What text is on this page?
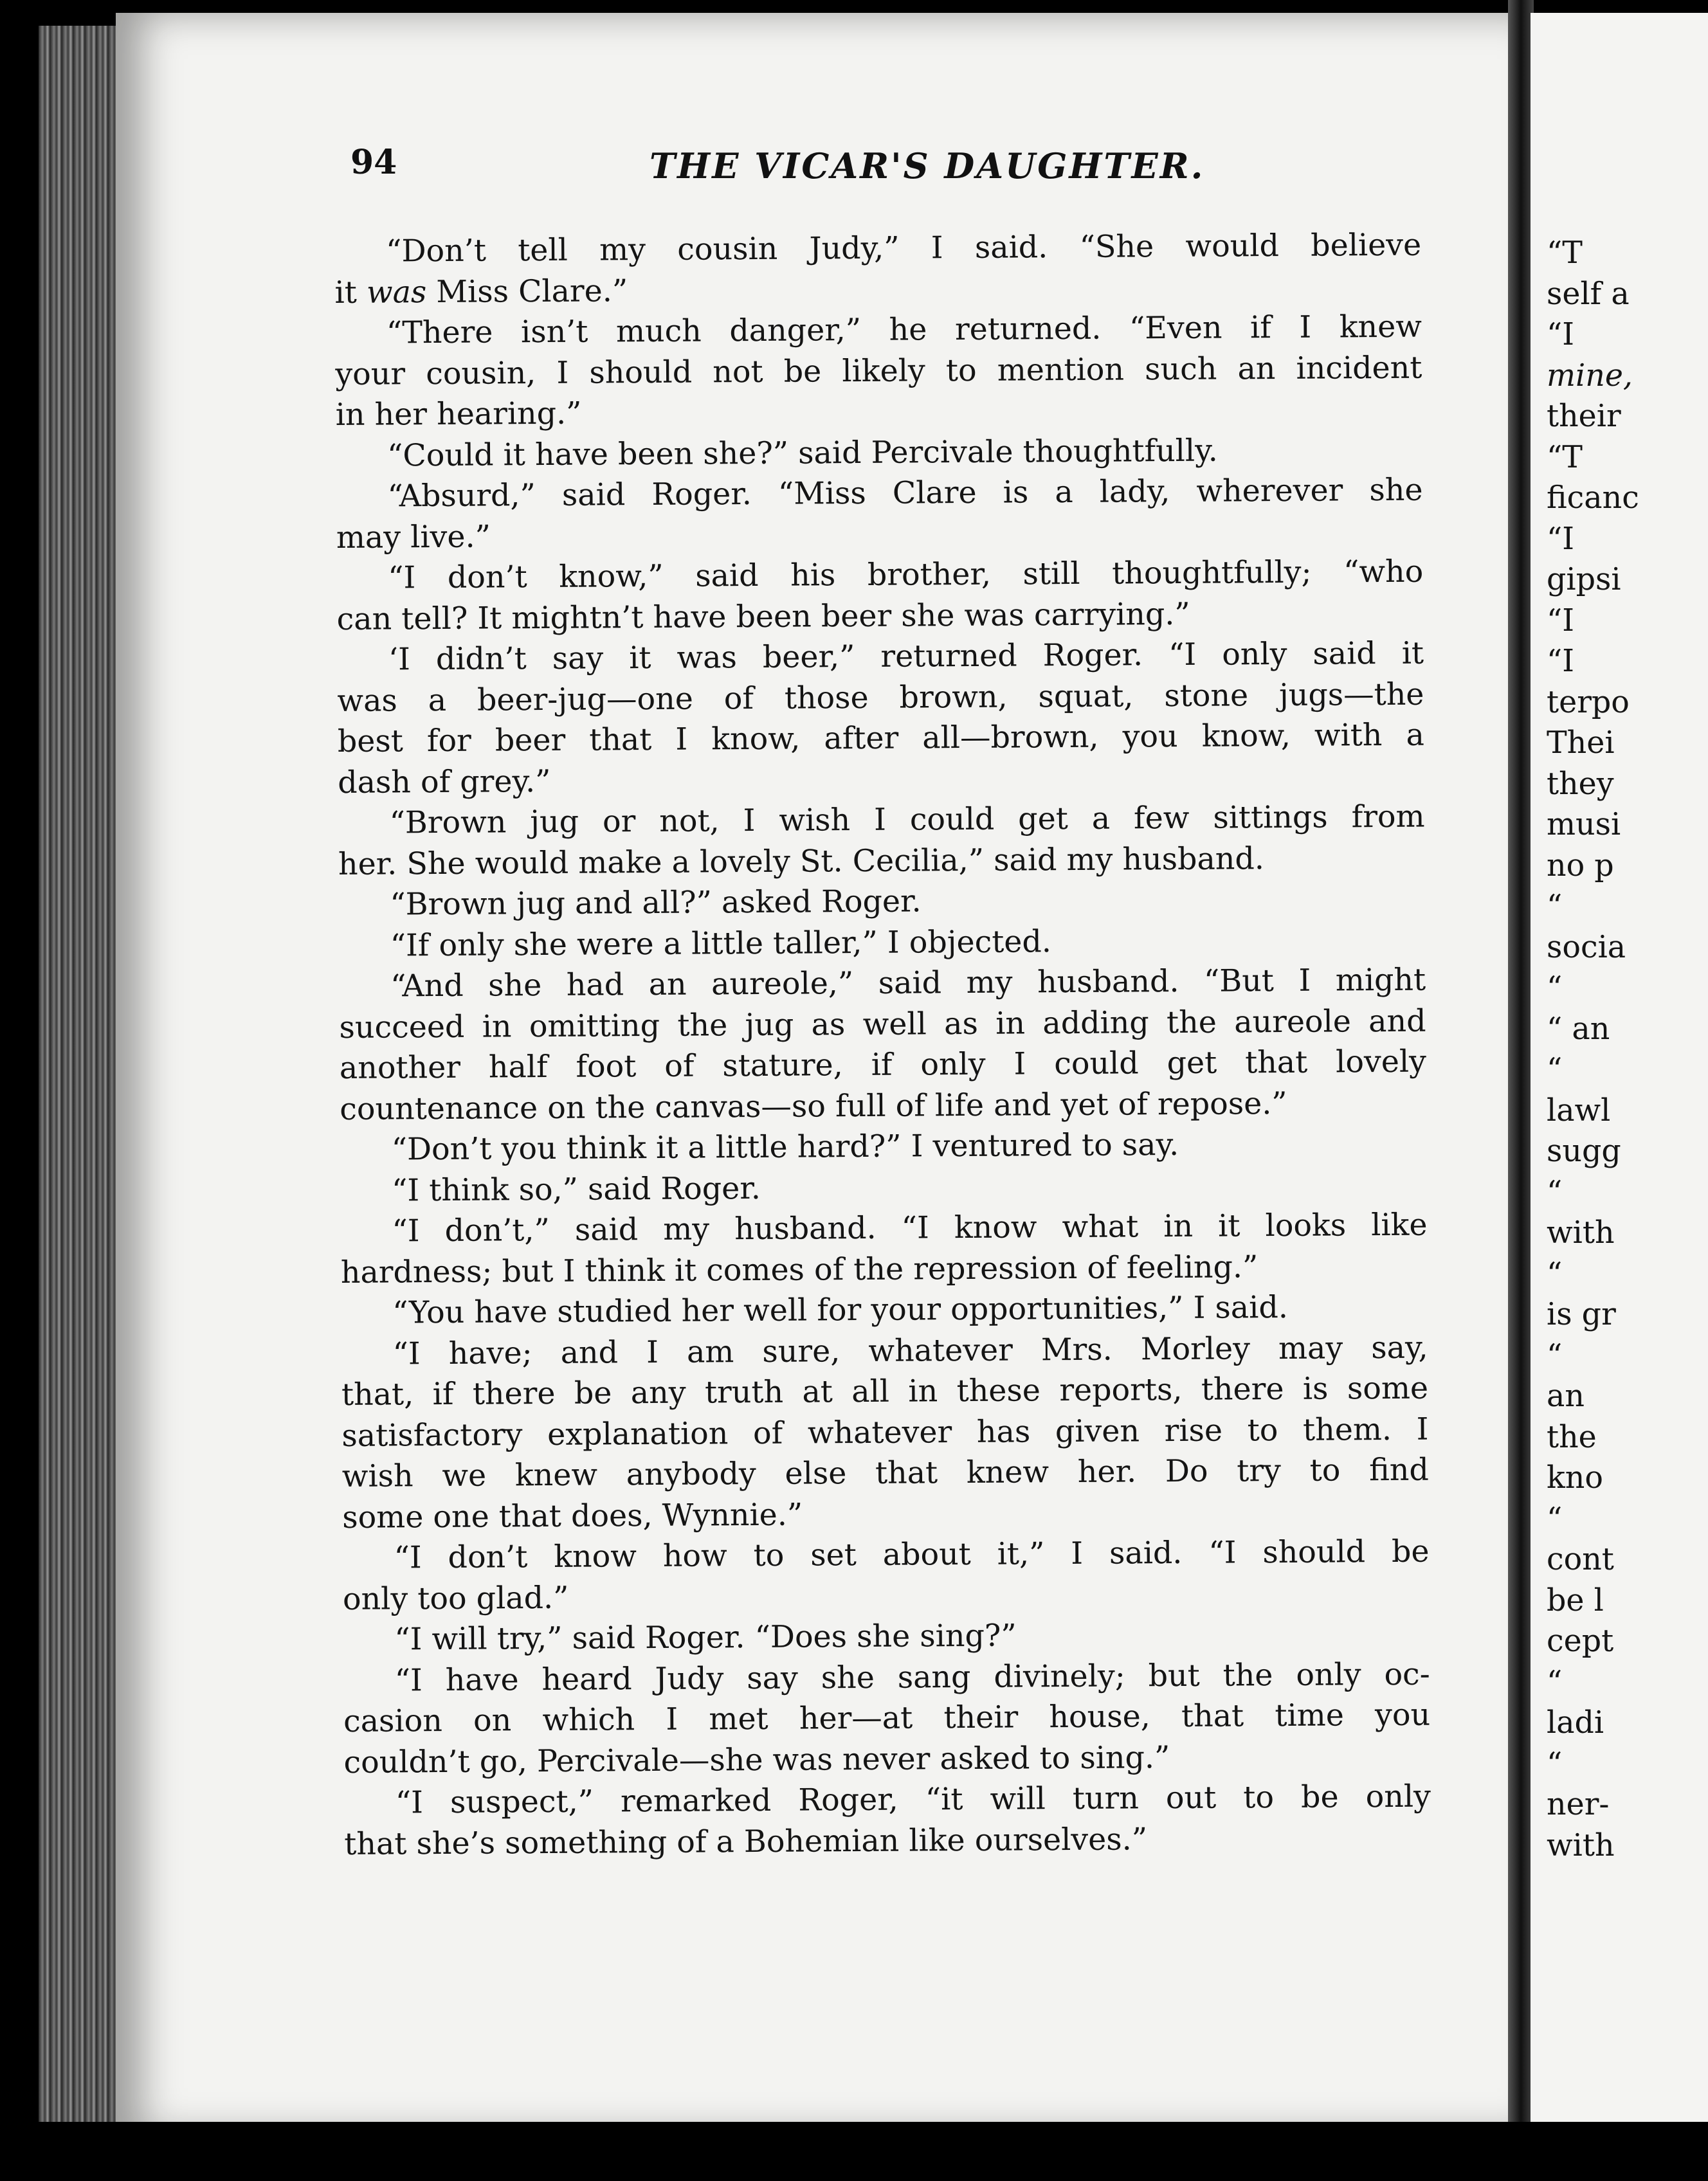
94	THE VICAR'S DAUGHTER.
“Don’t tell my cousin Judy,” I said. “She would believe
it was Miss Clare.”
“There isn’t much danger,” he returned. “Even if I knew
your cousin, I should not be likely to mention such an incident
in her hearing.”
“Could it have been she?” said Percivale thoughtfully.
“Absurd,” said Roger. “Miss Clare is a lady, wherever she
may live.”
“I don’t know,” said his brother, still thoughtfully; “who
can tell? It mightn’t have been beer she was carrying.”
‘I didn’t say it was beer,” returned Roger. “I only said it
was a beer-jug—one of those brown, squat, stone jugs—the
best for beer that I know, after all—brown, you know, with a
dash of grey.”
“Brown jug or not, I wish I could get a few sittings from
her. She would make a lovely St. Cecilia,” said my husband.
“Brown jug and all?” asked Roger.
“If only she were a little taller,” I objected.
“And she had an aureole,” said my husband. “But I might
succeed in omitting the jug as well as in adding the aureole and
another half foot of stature, if only I could get that lovely
countenance on the canvas—so full of life and yet of repose.”
“Don’t you think it a little hard?” I ventured to say.
“I think so,” said Roger.
“I don’t,” said my husband. “I know what in it looks like
hardness; but I think it comes of the repression of feeling.”
“You have studied her well for your opportunities,” I said.
“I have; and I am sure, whatever Mrs. Morley may say,
that, if there be any truth at all in these reports, there is some
satisfactory explanation of whatever has given rise to them. I
wish we knew anybody else that knew her. Do try to find
some one that does, Wynnie.”
“I don’t know how to set about it,” I said. “I should be
only too glad.”
“I will try,” said Roger. “Does she sing?”
“I have heard Judy say she sang divinely; but the only oc-
casion on which I met her—at their house, that time you
couldn’t go, Percivale—she was never asked to sing.”
“I suspect,” remarked Roger, “it will turn out to be only
that she’s something of a Bohemian like ourselves.”
“T
self a
“I
mine,
their
“T
ficanc
“I
gipsi
“I
“I
terpo
Thei
they
musi
no p
“
socia
“
“ an
“
lawl
sugg
“
with
“
is gr
“
an
the
kno
“
cont
be l
cept
“
ladi
“
ner-
with
